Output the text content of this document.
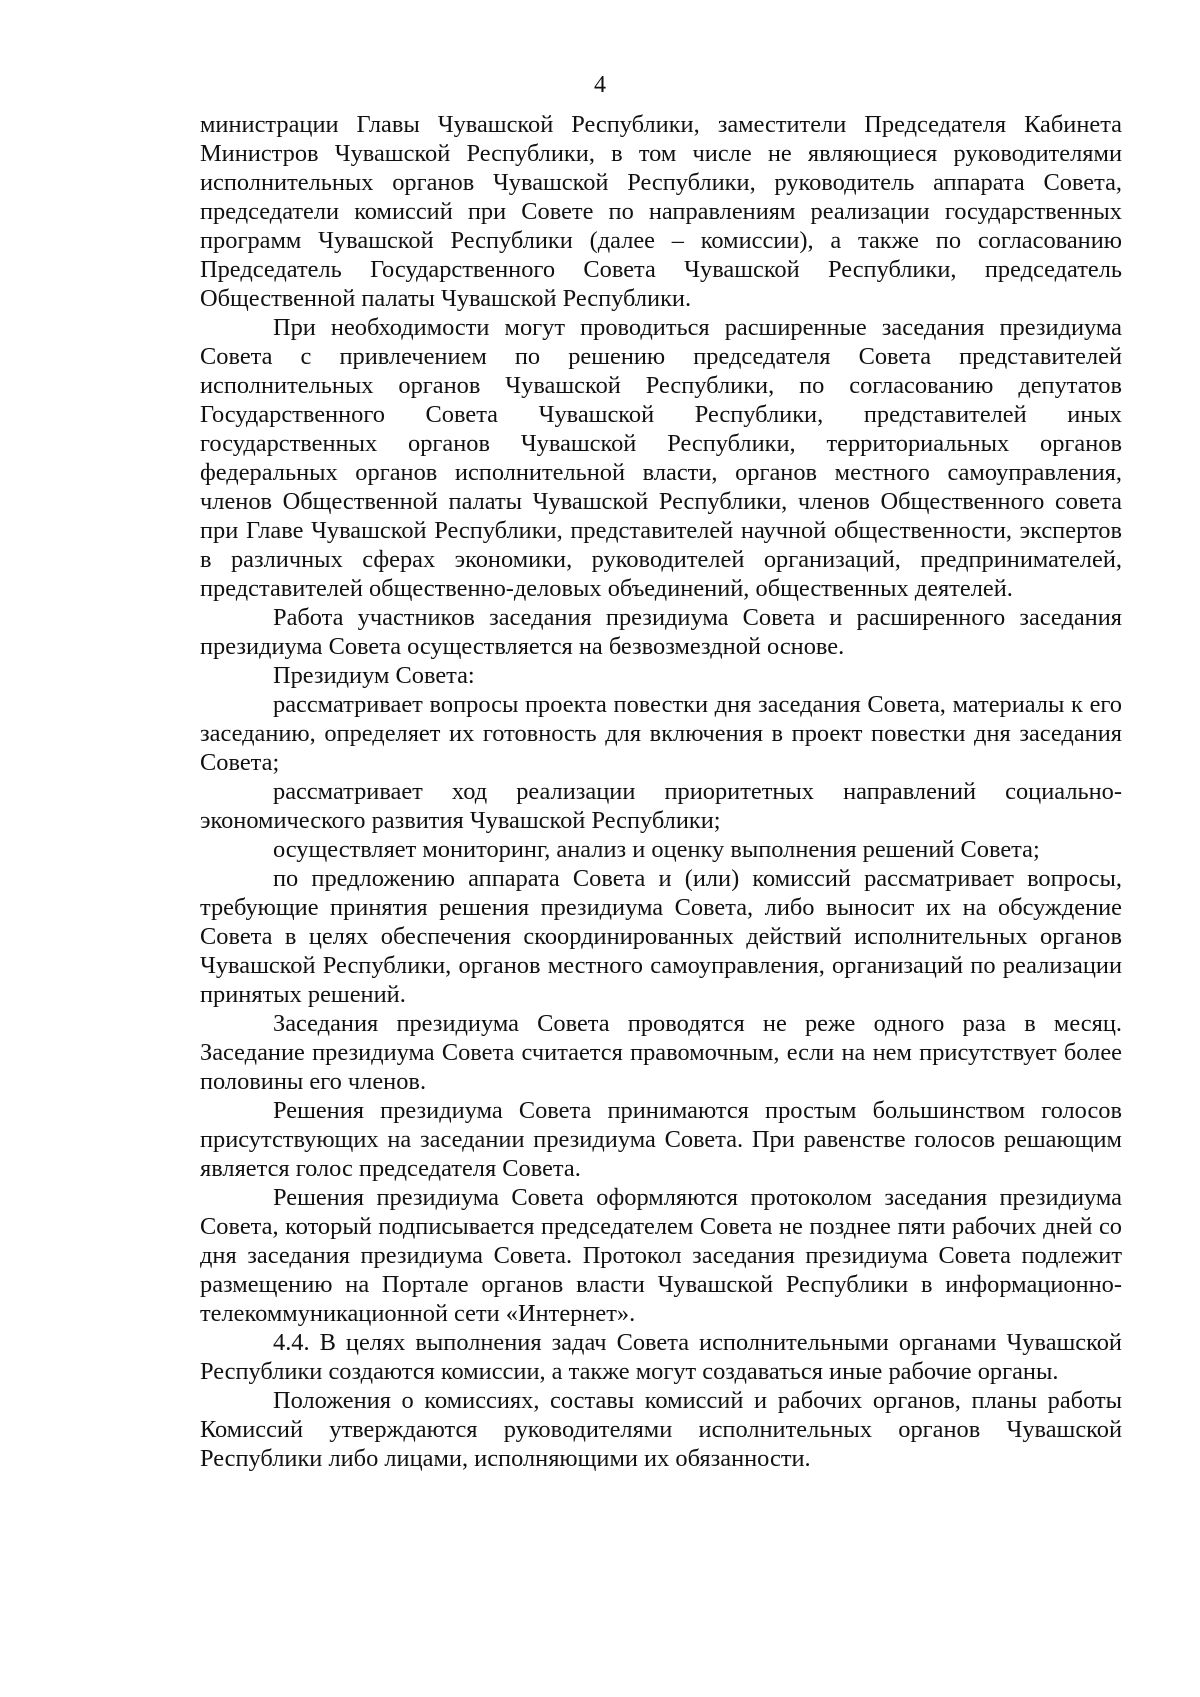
4

министрации Главы Чувашской Республики, заместители Председателя Кабинета Министров Чувашской Республики, в том числе не являющиеся руководителями исполнительных органов Чувашской Республики, руководитель аппарата Совета, председатели комиссий при Совете по направлениям реализации государственных программ Чувашской Республики (далее – комиссии), а также по согласованию Председатель Государственного Совета Чувашской Республики, председатель Общественной палаты Чувашской Республики.

При необходимости могут проводиться расширенные заседания президиума Совета с привлечением по решению председателя Совета представителей исполнительных органов Чувашской Республики, по согласованию депутатов Государственного Совета Чувашской Республики, представителей иных государственных органов Чувашской Республики, территориальных органов федеральных органов исполнительной власти, органов местного самоуправления, членов Общественной палаты Чувашской Республики, членов Общественного совета при Главе Чувашской Республики, представителей научной общественности, экспертов в различных сферах экономики, руководителей организаций, предпринимателей, представителей общественно-деловых объединений, общественных деятелей.

Работа участников заседания президиума Совета и расширенного заседания президиума Совета осуществляется на безвозмездной основе.

Президиум Совета:

рассматривает вопросы проекта повестки дня заседания Совета, материалы к его заседанию, определяет их готовность для включения в проект повестки дня заседания Совета;

рассматривает ход реализации приоритетных направлений социально-экономического развития Чувашской Республики;

осуществляет мониторинг, анализ и оценку выполнения решений Совета;

по предложению аппарата Совета и (или) комиссий рассматривает вопросы, требующие принятия решения президиума Совета, либо выносит их на обсуждение Совета в целях обеспечения скоординированных действий исполнительных органов Чувашской Республики, органов местного самоуправления, организаций по реализации принятых решений.

Заседания президиума Совета проводятся не реже одного раза в месяц. Заседание президиума Совета считается правомочным, если на нем присутствует более половины его членов.

Решения президиума Совета принимаются простым большинством голосов присутствующих на заседании президиума Совета. При равенстве голосов решающим является голос председателя Совета.

Решения президиума Совета оформляются протоколом заседания президиума Совета, который подписывается председателем Совета не позднее пяти рабочих дней со дня заседания президиума Совета. Протокол заседания президиума Совета подлежит размещению на Портале органов власти Чувашской Республики в информационно-телекоммуникационной сети «Интернет».

4.4. В целях выполнения задач Совета исполнительными органами Чувашской Республики создаются комиссии, а также могут создаваться иные рабочие органы.

Положения о комиссиях, составы комиссий и рабочих органов, планы работы Комиссий утверждаются руководителями исполнительных органов Чувашской Республики либо лицами, исполняющими их обязанности.
